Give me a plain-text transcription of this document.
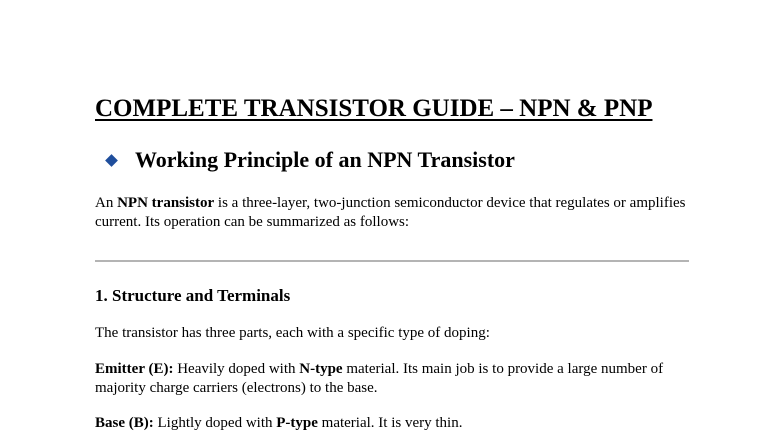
COMPLETE TRANSISTOR GUIDE – NPN & PNP
Working Principle of an NPN Transistor

An NPN transistor is a three-layer, two-junction semiconductor device that regulates or amplifies current. Its operation can be summarized as follows:

1. Structure and Terminals

The transistor has three parts, each with a specific type of doping:

Emitter (E): Heavily doped with N-type material. Its main job is to provide a large number of majority charge carriers (electrons) to the base.

Base (B): Lightly doped with P-type material. It is very thin.
